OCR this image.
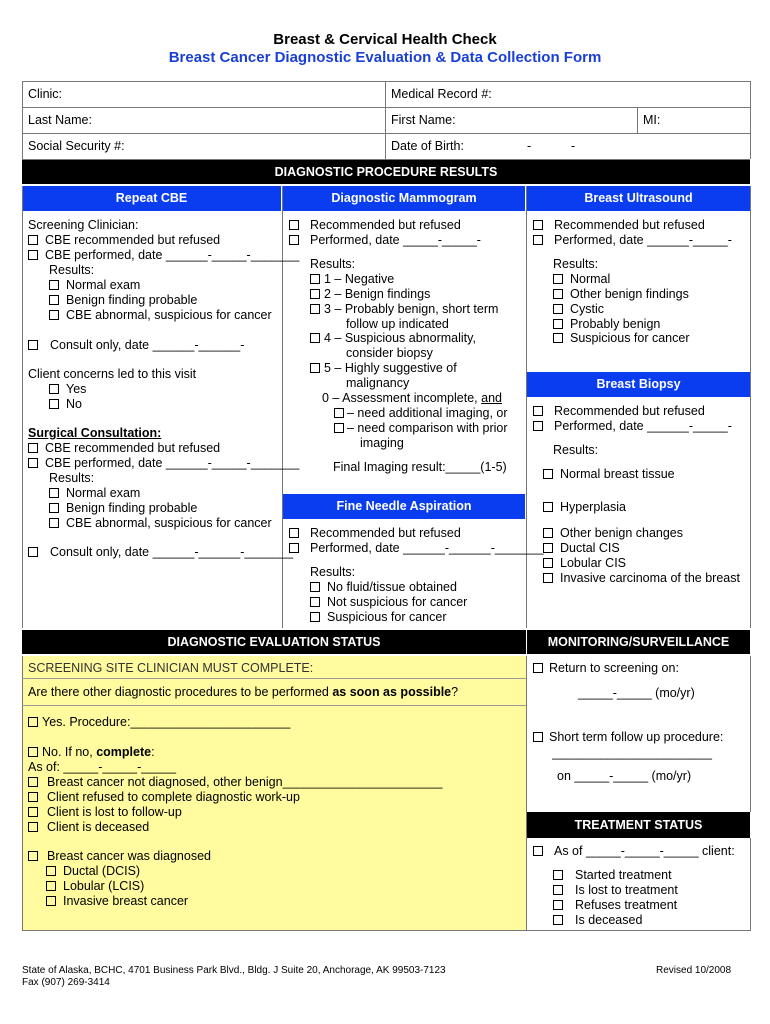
Breast & Cervical Health Check
Breast Cancer Diagnostic Evaluation & Data Collection Form
Clinic:	Medical Record #:
Last Name:	First Name:	MI:
Social Security #:	Date of Birth:	-	-
DIAGNOSTIC PROCEDURE RESULTS
Repeat CBE	Diagnostic Mammogram	Breast Ultrasound
Screening Clinician:
CBE recommended but refused
CBE performed, date ______-_____-_______
Results:
Normal exam
Benign finding probable
CBE abnormal, suspicious for cancer
Consult only, date ______-______-
Client concerns led to this visit
Yes
No
Surgical Consultation:
CBE recommended but refused
CBE performed, date ______-_____-_______
Results:
Normal exam
Benign finding probable
CBE abnormal, suspicious for cancer
Consult only, date ______-______-_______
Recommended but refused
Performed, date _____-_____-
Results:
1 – Negative
2 – Benign findings
3 – Probably benign, short term
follow up indicated
4 – Suspicious abnormality,
consider biopsy
5 – Highly suggestive of
malignancy
0 – Assessment incomplete, and
– need additional imaging, or
– need comparison with prior
imaging
Final Imaging result:_____(1-5)
Fine Needle Aspiration
Recommended but refused
Performed, date ______-______-_______
Results:
No fluid/tissue obtained
Not suspicious for cancer
Suspicious for cancer
Recommended but refused
Performed, date ______-_____-
Results:
Normal
Other benign findings
Cystic
Probably benign
Suspicious for cancer
Breast Biopsy
Recommended but refused
Performed, date ______-_____-
Results:
Normal breast tissue
Hyperplasia
Other benign changes
Ductal CIS
Lobular CIS
Invasive carcinoma of the breast
DIAGNOSTIC EVALUATION STATUS	MONITORING/SURVEILLANCE
SCREENING SITE CLINICIAN MUST COMPLETE:
Are there other diagnostic procedures to be performed as soon as possible?
Yes. Procedure:_______________________
No. If no, complete:
As of: _____-_____-_____
Breast cancer not diagnosed, other benign_______________________
Client refused to complete diagnostic work-up
Client is lost to follow-up
Client is deceased
Breast cancer was diagnosed
Ductal (DCIS)
Lobular (LCIS)
Invasive breast cancer
Return to screening on:
_____-_____ (mo/yr)
Short term follow up procedure:
_______________________
on _____-_____ (mo/yr)
TREATMENT STATUS
As of _____-_____-_____ client:
Started treatment
Is lost to treatment
Refuses treatment
Is deceased
State of Alaska, BCHC, 4701 Business Park Blvd., Bldg. J Suite 20, Anchorage, AK 99503-7123
Fax (907) 269-3414
Revised 10/2008
